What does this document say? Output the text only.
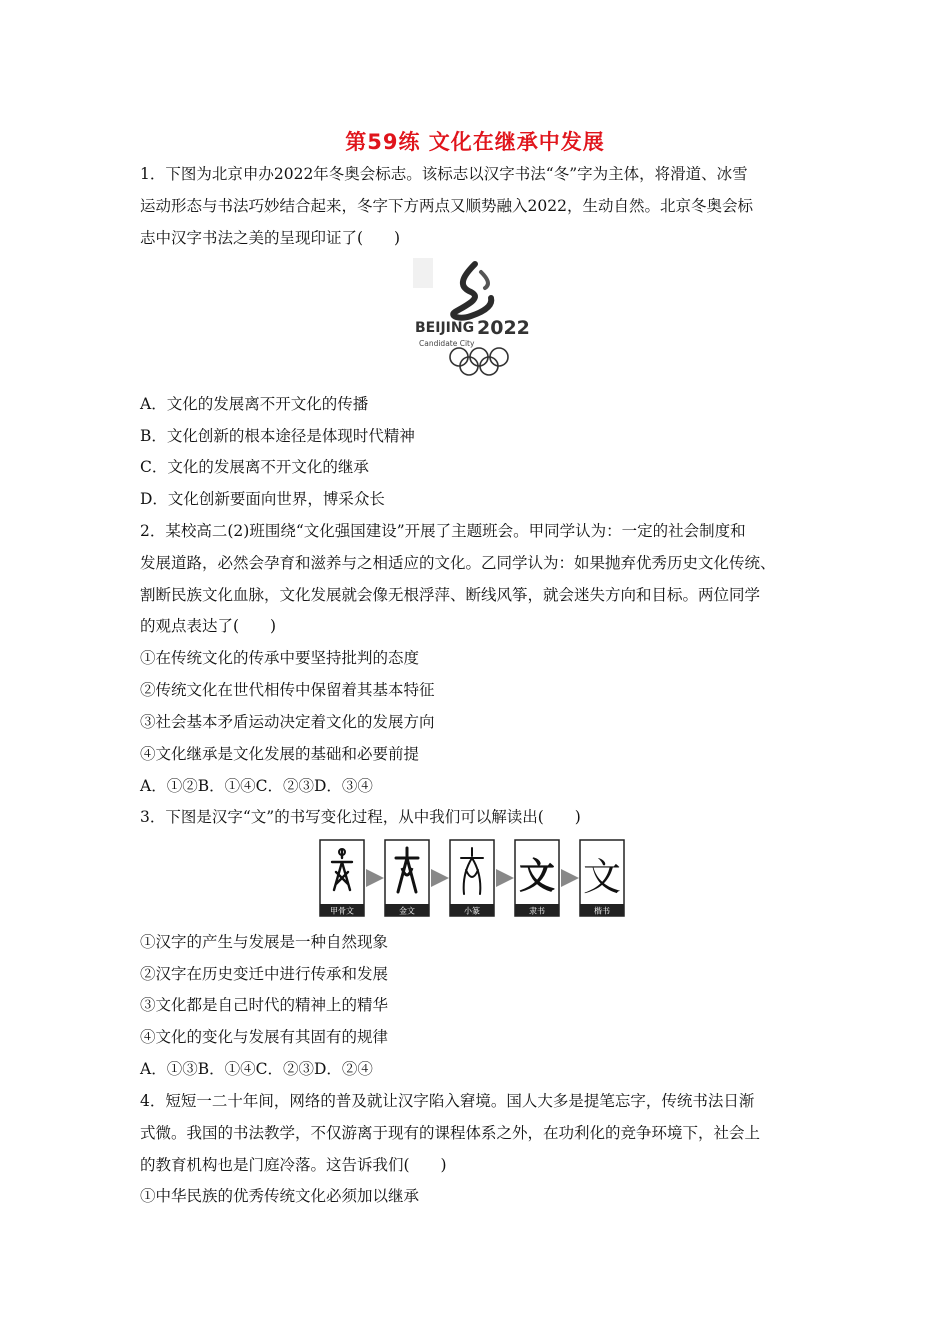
第59练 文化在继承中发展
1．下图为北京申办2022年冬奥会标志。该标志以汉字书法“冬”字为主体，将滑道、冰雪
运动形态与书法巧妙结合起来，冬字下方两点又顺势融入2022，生动自然。北京冬奥会标
志中汉字书法之美的呈现印证了(　　)
BEIJING 2022
Candidate City
A．文化的发展离不开文化的传播
B．文化创新的根本途径是体现时代精神
C．文化的发展离不开文化的继承
D．文化创新要面向世界，博采众长
2．某校高二(2)班围绕“文化强国建设”开展了主题班会。甲同学认为：一定的社会制度和
发展道路，必然会孕育和滋养与之相适应的文化。乙同学认为：如果抛弃优秀历史文化传统、
割断民族文化血脉，文化发展就会像无根浮萍、断线风筝，就会迷失方向和目标。两位同学
的观点表达了(　　)
①在传统文化的传承中要坚持批判的态度
②传统文化在世代相传中保留着其基本特征
③社会基本矛盾运动决定着文化的发展方向
④文化继承是文化发展的基础和必要前提
A．①②B．①④C．②③D．③④
3．下图是汉字“文”的书写变化过程，从中我们可以解读出(　　)
甲骨文	金文	小篆
文
隶书
文
楷书
①汉字的产生与发展是一种自然现象
②汉字在历史变迁中进行传承和发展
③文化都是自己时代的精神上的精华
④文化的变化与发展有其固有的规律
A．①③B．①④C．②③D．②④
4．短短一二十年间，网络的普及就让汉字陷入窘境。国人大多是提笔忘字，传统书法日渐
式微。我国的书法教学，不仅游离于现有的课程体系之外，在功利化的竞争环境下，社会上
的教育机构也是门庭冷落。这告诉我们(　　)
①中华民族的优秀传统文化必须加以继承
